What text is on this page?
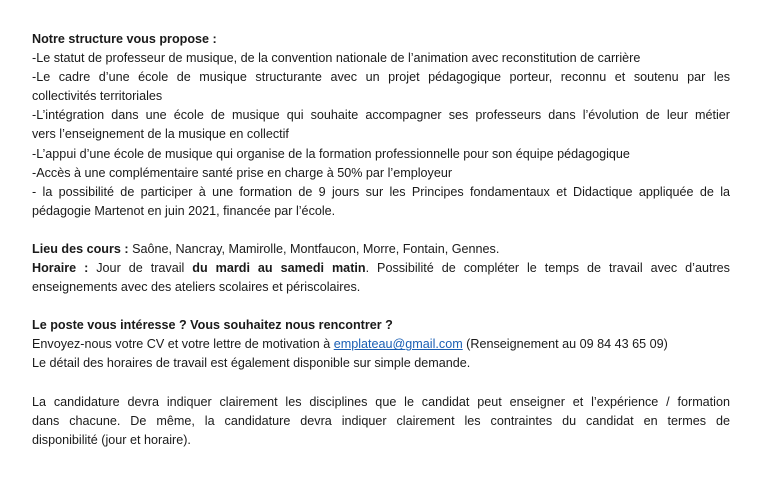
Notre structure vous propose :
-Le statut de professeur de musique, de la convention nationale de l’animation avec reconstitution de carrière
-Le cadre d’une école de musique structurante avec un projet pédagogique porteur, reconnu et soutenu par les
collectivités territoriales
-L’intégration dans une école de musique qui souhaite accompagner ses professeurs dans l’évolution de leur métier
vers l’enseignement de la musique en collectif
-L’appui d’une école de musique qui organise de la formation professionnelle pour son équipe pédagogique
-Accès à une complémentaire santé prise en charge à 50% par l’employeur
- la possibilité de participer à une formation de 9 jours sur les Principes fondamentaux et Didactique appliquée de la
pédagogie Martenot en juin 2021, financée par l’école.
Lieu des cours : Saône, Nancray, Mamirolle, Montfaucon, Morre, Fontain, Gennes.
Horaire : Jour de travail du mardi au samedi matin. Possibilité de compléter le temps de travail avec d’autres
enseignements avec des ateliers scolaires et périscolaires.
Le poste vous intéresse ? Vous souhaitez nous rencontrer ?
Envoyez-nous votre CV et votre lettre de motivation à emplateau@gmail.com (Renseignement au 09 84 43 65 09)
Le détail des horaires de travail est également disponible sur simple demande.
La candidature devra indiquer clairement les disciplines que le candidat peut enseigner et l’expérience / formation
dans chacune. De même, la candidature devra indiquer clairement les contraintes du candidat en termes de
disponibilité (jour et horaire).
